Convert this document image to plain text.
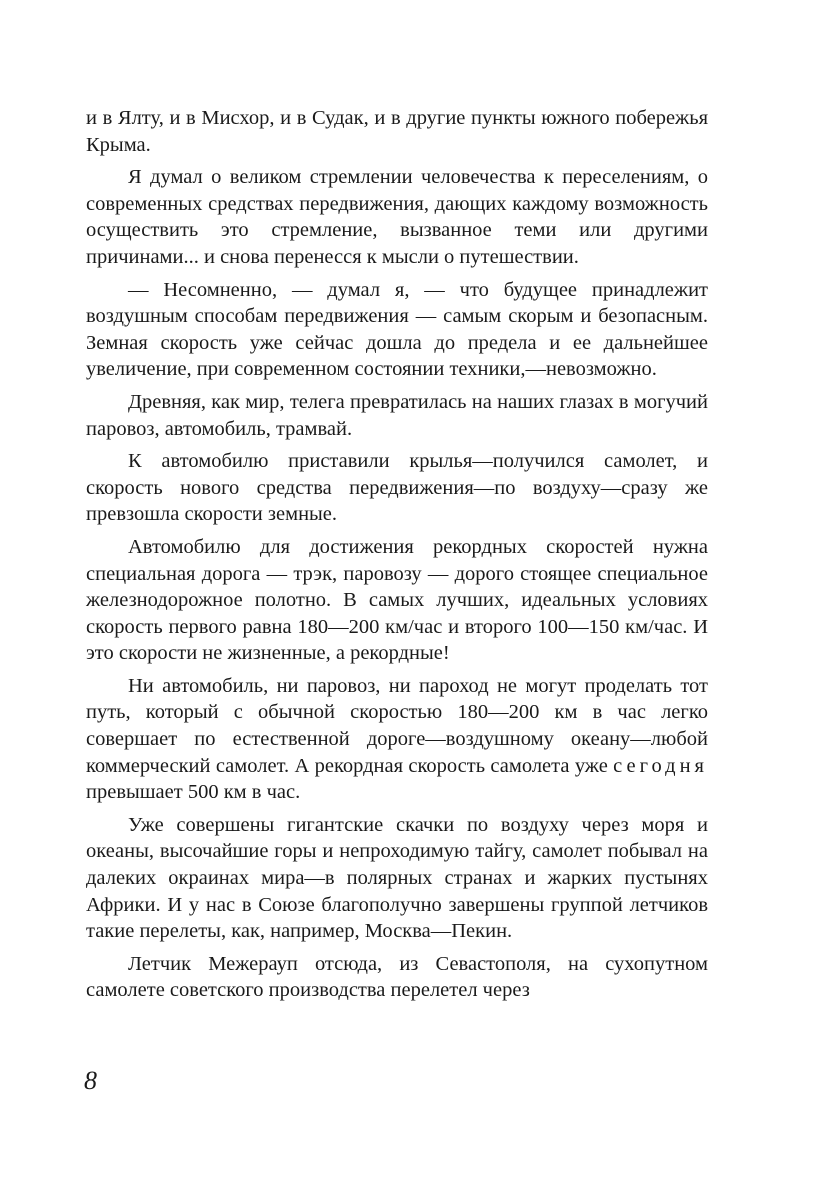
и в Ялту, и в Мисхор, и в Судак, и в другие пункты южного побережья Крыма.

Я думал о великом стремлении человечества к переселениям, о современных средствах передвижения, дающих каждому возможность осуществить это стремление, вызванное теми или другими причинами... и снова перенесся к мысли о путешествии.

— Несомненно, — думал я, — что будущее принадлежит воздушным способам передвижения — самым скорым и безопасным. Земная скорость уже сейчас дошла до предела и ее дальнейшее увеличение, при современном состоянии техники,—невозможно.

Древняя, как мир, телега превратилась на наших глазах в могучий паровоз, автомобиль, трамвай.

К автомобилю приставили крылья—получился самолет, и скорость нового средства передвижения—по воздуху—сразу же превзошла скорости земные.

Автомобилю для достижения рекордных скоростей нужна специальная дорога — трэк, паровозу — дорого стоящее специальное железнодорожное полотно. В самых лучших, идеальных условиях скорость первого равна 180—200 км/час и второго 100—150 км/час. И это скорости не жизненные, а рекордные!

Ни автомобиль, ни паровоз, ни пароход не могут проделать тот путь, который с обычной скоростью 180—200 км в час легко совершает по естественной дороге—воздушному океану—любой коммерческий самолет. А рекордная скорость самолета уже сегодня превышает 500 км в час.

Уже совершены гигантские скачки по воздуху через моря и океаны, высочайшие горы и непроходимую тайгу, самолет побывал на далеких окраинах мира—в полярных странах и жарких пустынях Африки. И у нас в Союзе благополучно завершены группой летчиков такие перелеты, как, например, Москва—Пекин.

Летчик Межерауп отсюда, из Севастополя, на сухопутном самолете советского производства перелетел через

8
